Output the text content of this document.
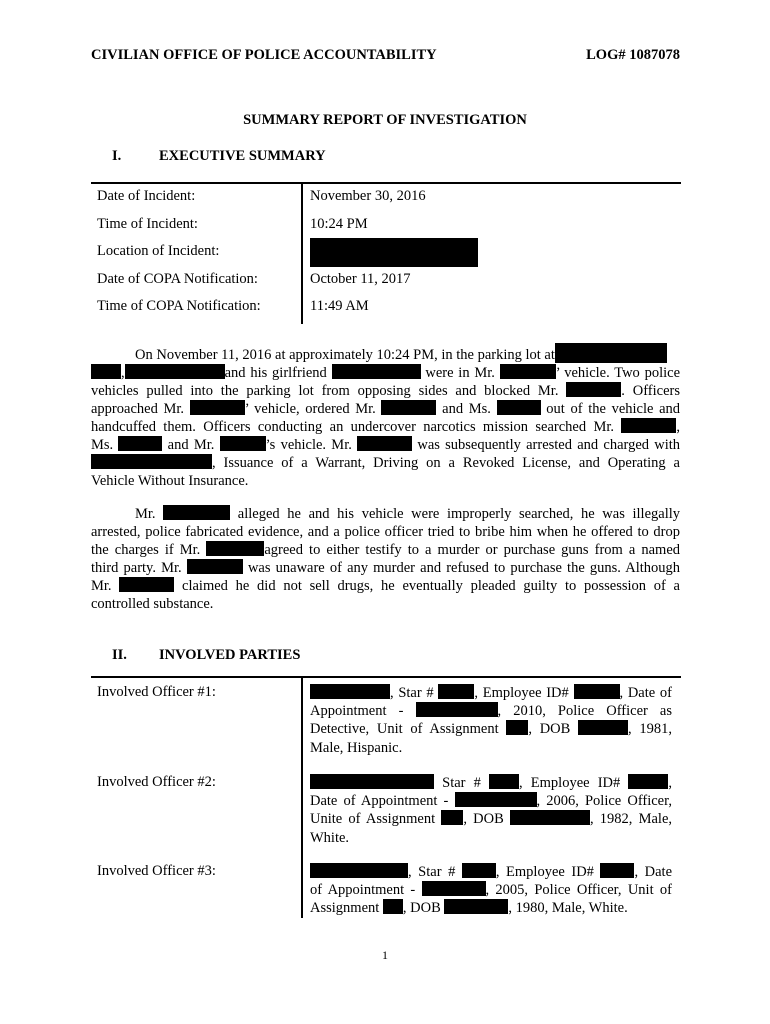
CIVILIAN OFFICE OF POLICE ACCOUNTABILITY	LOG# 1087078
SUMMARY REPORT OF INVESTIGATION
I.	EXECUTIVE SUMMARY
Date of Incident:	November 30, 2016
Time of Incident:	10:24 PM
Location of Incident:
Date of COPA Notification:	October 11, 2017
Time of COPA Notification:	11:49 AM
On November 11, 2016 at approximately 10:24 PM, in the parking lot at
,	and his girlfriend	were in Mr.	’ vehicle. Two police
vehicles pulled into the parking lot from opposing sides and blocked Mr.	. Officers
approached Mr.	’ vehicle, ordered Mr.	and Ms.	out of the vehicle and
handcuffed them. Officers conducting an undercover narcotics mission searched Mr.	,
Ms.	and Mr.	’s vehicle. Mr.	was subsequently arrested and charged with
, Issuance of a Warrant, Driving on a Revoked License, and Operating a
Vehicle Without Insurance.
Mr.	alleged he and his vehicle were improperly searched, he was illegally
arrested, police fabricated evidence, and a police officer tried to bribe him when he offered to drop
the charges if Mr.	agreed to either testify to a murder or purchase guns from a named
third party. Mr.	was unaware of any murder and refused to purchase the guns. Although
Mr.	claimed he did not sell drugs, he eventually pleaded guilty to possession of a
controlled substance.
II. INVOLVED PARTIES
Involved Officer #1:	, Star #	, Employee ID#	, Date of
Appointment -	, 2010, Police Officer as
Detective, Unit of Assignment , DOB	, 1981,
Male, Hispanic.
Involved Officer #2:	Star #	, Employee ID#	,
Date of Appointment -	, 2006, Police Officer,
Unite of Assignment , DOB	, 1982, Male,
White.
Involved Officer #3:	, Star #	, Employee ID#	, Date
of Appointment -	, 2005, Police Officer, Unit of
Assignment , DOB	, 1980, Male, White.
1
